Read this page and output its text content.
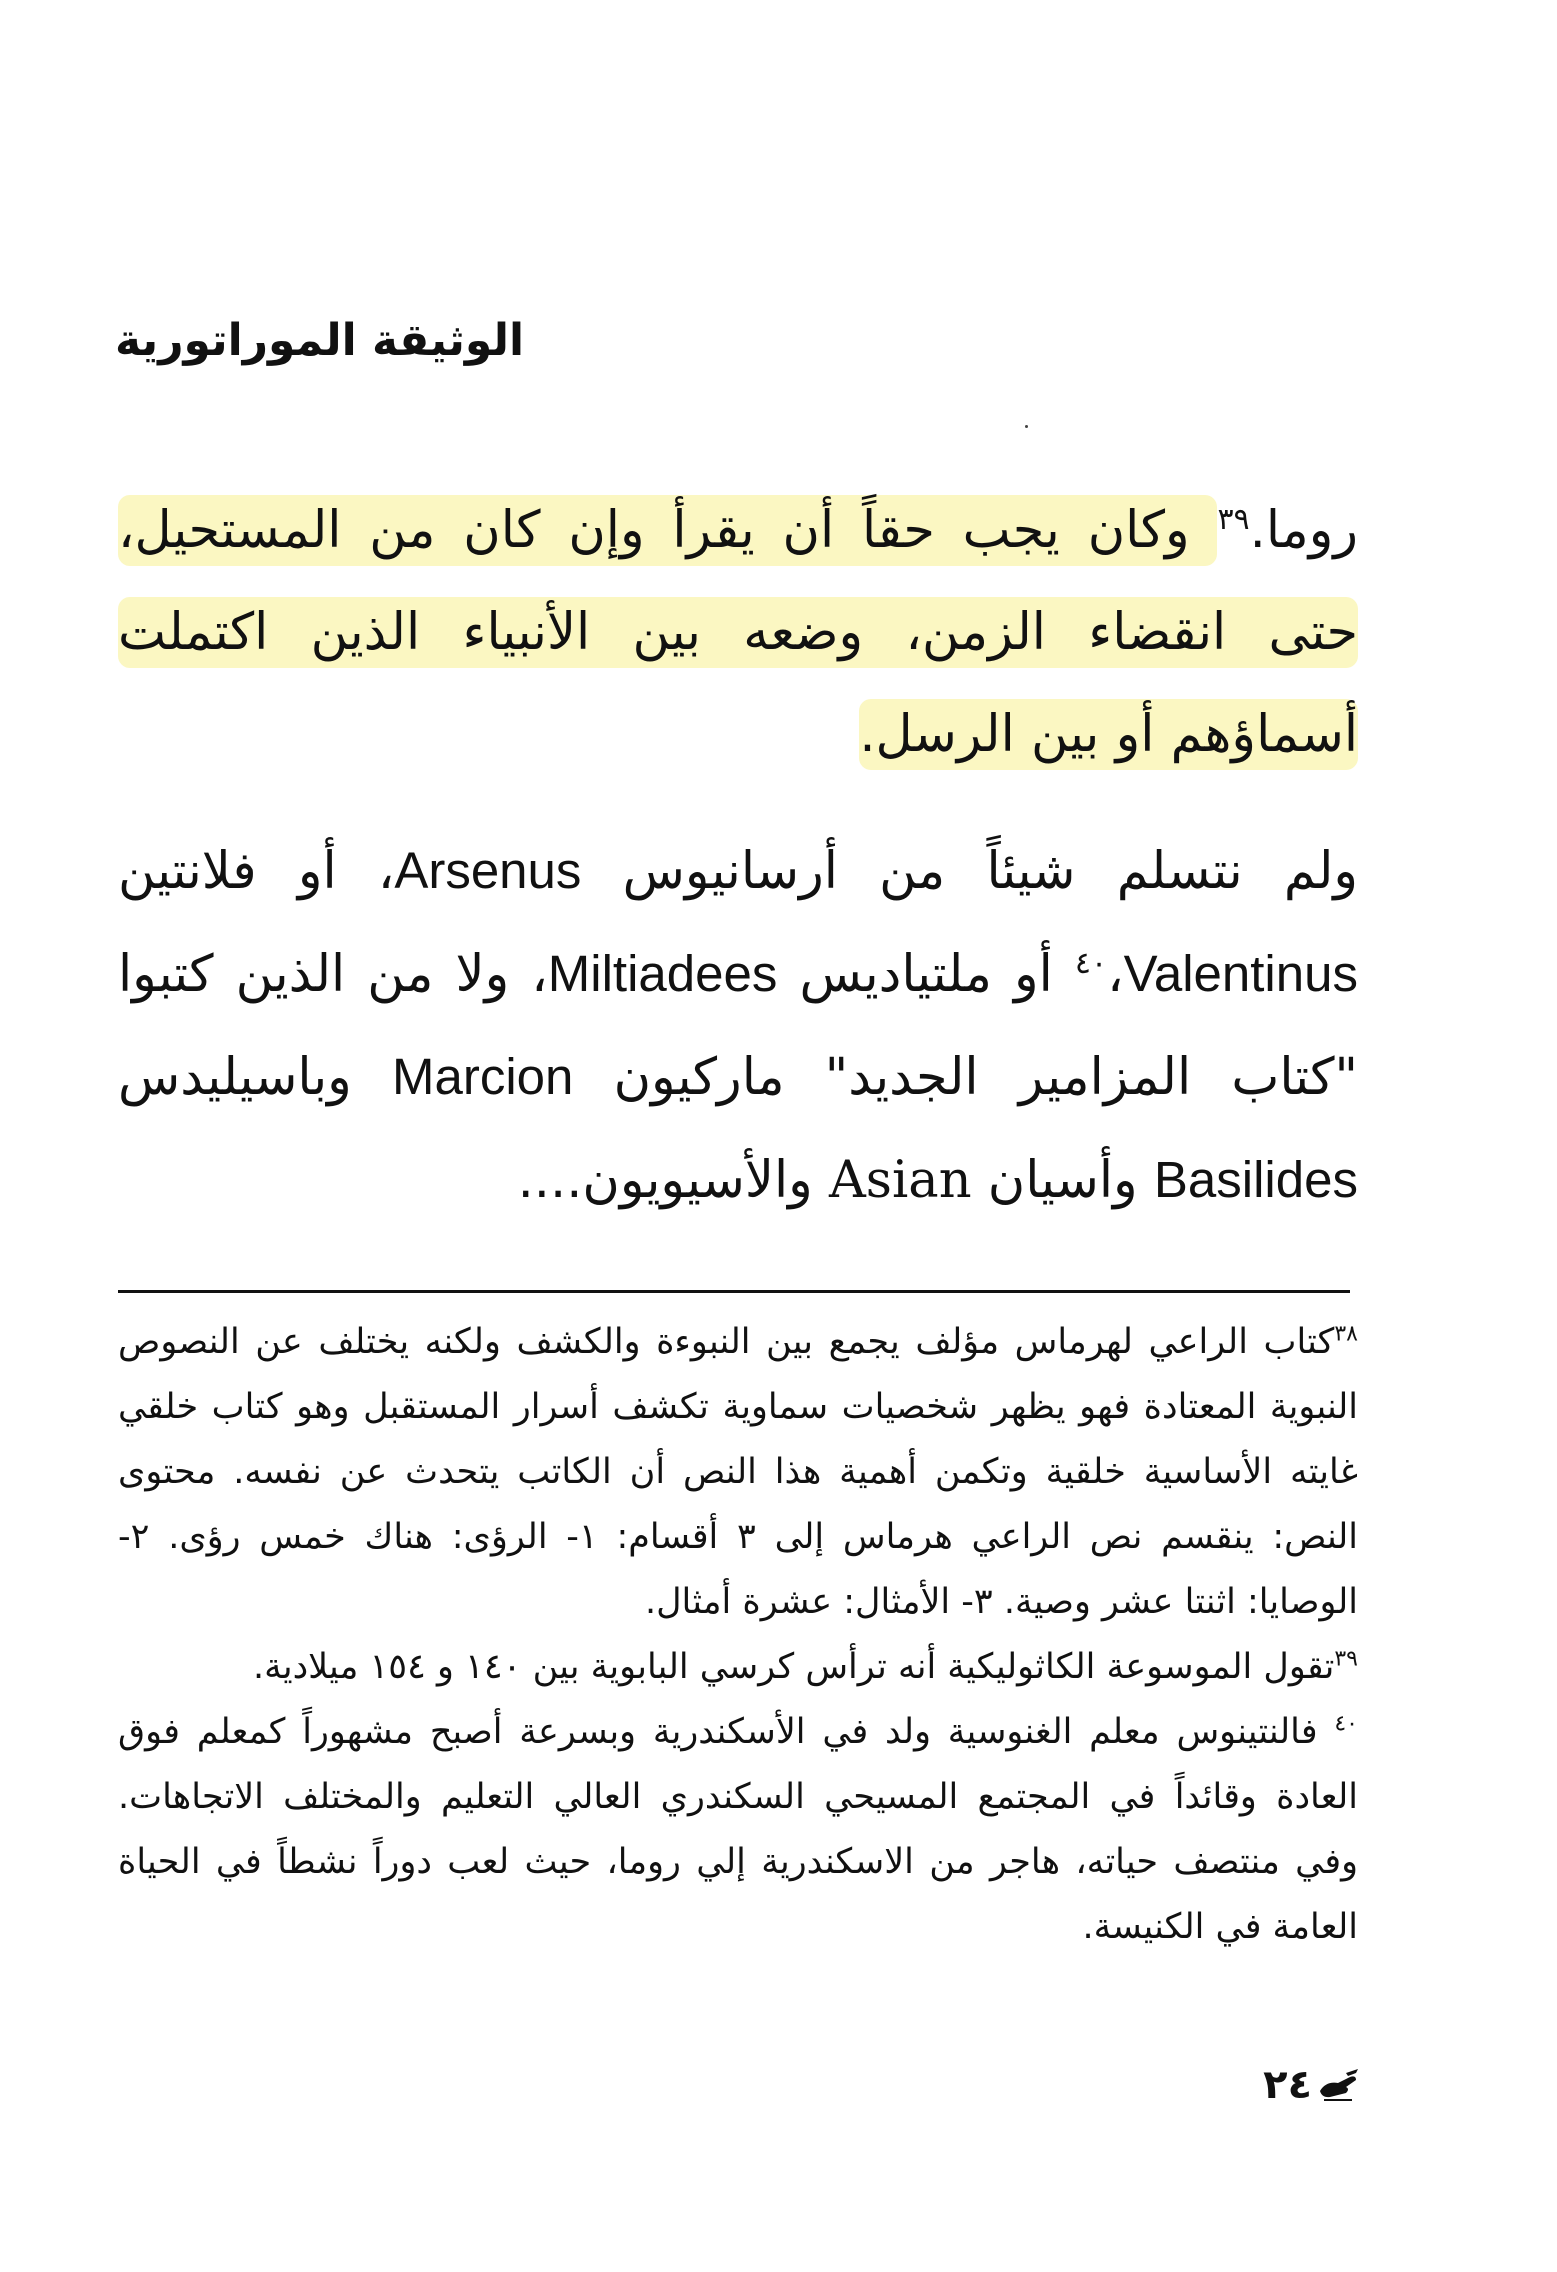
الوثيقة الموراتورية

روما.$^{٣٩}$ وكان يجب حقاً أن يقرأ وإن كان من المستحيل، حتى انقضاء الزمن، وضعه بين الأنبياء الذين اكتملت أسماؤهم أو بين الرسل.

ولم نتسلم شيئاً من أرسانيوس Arsenus، أو فلانتين Valentinus،$^{٤٠}$ أو ملتياديس Miltiadees، ولا من الذين كتبوا "كتاب المزامير الجديد" ماركيون Marcion وباسيليدس Basilides وأسيان Asian والأسيويون....

$^{٣٨}$كتاب الراعي لهرماس مؤلف يجمع بين النبوءة والكشف ولكنه يختلف عن النصوص النبوية المعتادة فهو يظهر شخصيات سماوية تكشف أسرار المستقبل وهو كتاب خلقي غايته الأساسية خلقية وتكمن أهمية هذا النص أن الكاتب يتحدث عن نفسه. محتوى النص: ينقسم نص الراعي هرماس إلى ٣ أقسام: ١- الرؤى: هناك خمس رؤى. ٢- الوصايا: اثنتا عشر وصية. ٣- الأمثال: عشرة أمثال.

$^{٣٩}$تقول الموسوعة الكاثوليكية أنه ترأس كرسي البابوية بين ١٤٠ و ١٥٤ ميلادية.

$^{٤٠}$ فالنتينوس معلم الغنوسية ولد في الأسكندرية وبسرعة أصبح مشهوراً كمعلم فوق العادة وقائداً في المجتمع المسيحي السكندري العالي التعليم والمختلف الاتجاهات. وفي منتصف حياته، هاجر من الاسكندرية إلي روما، حيث لعب دوراً نشطاً في الحياة العامة في الكنيسة.

٢٤
